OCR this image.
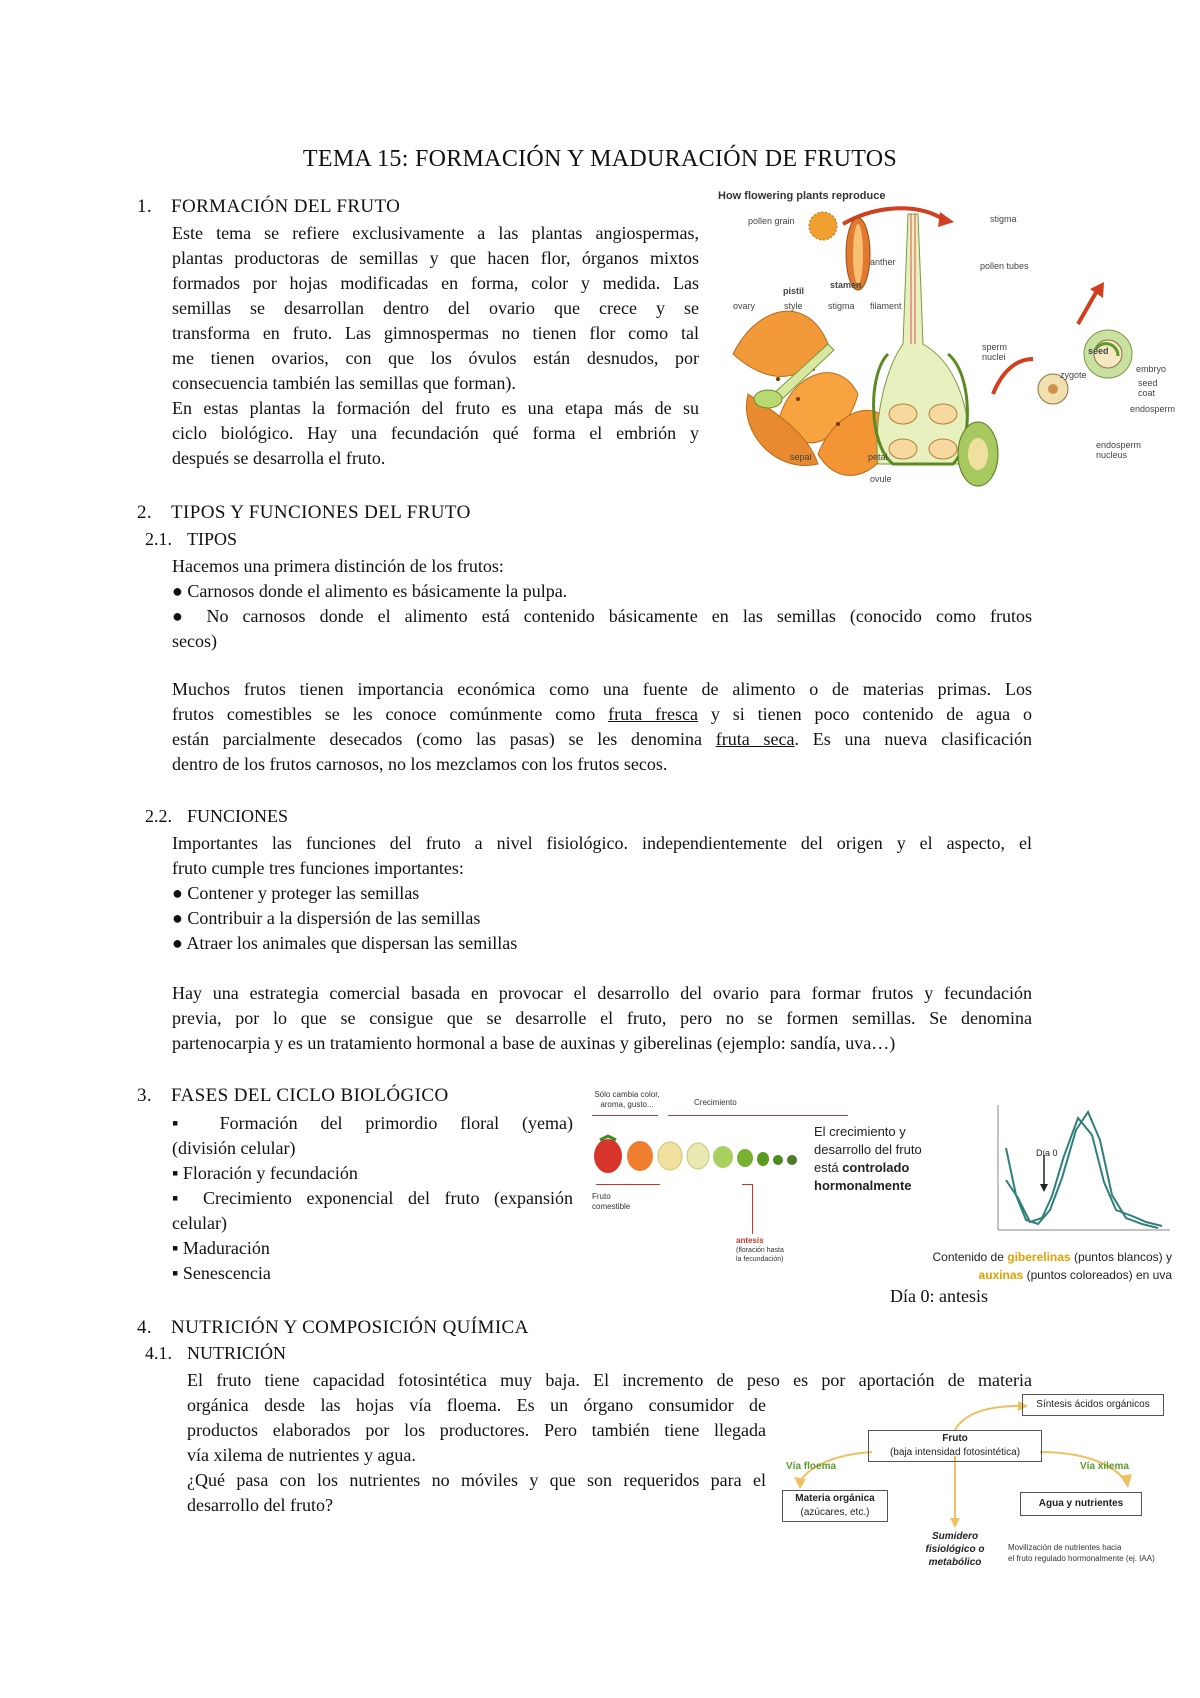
TEMA 15: FORMACIÓN Y MADURACIÓN DE FRUTOS
1. FORMACIÓN DEL FRUTO
Este tema se refiere exclusivamente a las plantas angiospermas,
plantas productoras de semillas y que hacen flor, órganos mixtos
formados por hojas modificadas en forma, color y medida. Las
semillas se desarrollan dentro del ovario que crece y se
transforma en fruto. Las gimnospermas no tienen flor como tal
me tienen ovarios, con que los óvulos están desnudos, por
consecuencia también las semillas que forman).
En estas plantas la formación del fruto es una etapa más de su
ciclo biológico. Hay una fecundación qué forma el embrión y
después se desarrolla el fruto.
How flowering plants reproduce
pollen grain	stigma
anther	pollen tubes
pistil
stamen
ovary	style	stigma filament
sperm nuclei
seed
zygote
embryo
seed coat
endosperm
endosperm nucleus
sepal	petal
ovule
2. TIPOS Y FUNCIONES DEL FRUTO
2.1. TIPOS
Hacemos una primera distinción de los frutos:
● Carnosos donde el alimento es básicamente la pulpa.
● No carnosos donde el alimento está contenido básicamente en las semillas (conocido como frutos
secos)
Muchos frutos tienen importancia económica como una fuente de alimento o de materias primas. Los
frutos comestibles se les conoce comúnmente como fruta fresca y si tienen poco contenido de agua o
están parcialmente desecados (como las pasas) se les denomina fruta seca. Es una nueva clasificación
dentro de los frutos carnosos, no los mezclamos con los frutos secos.
2.2. FUNCIONES
Importantes las funciones del fruto a nivel fisiológico. independientemente del origen y el aspecto, el
fruto cumple tres funciones importantes:
● Contener y proteger las semillas
● Contribuir a la dispersión de las semillas
● Atraer los animales que dispersan las semillas
Hay una estrategia comercial basada en provocar el desarrollo del ovario para formar frutos y fecundación
previa, por lo que se consigue que se desarrolle el fruto, pero no se formen semillas. Se denomina
partenocarpia y es un tratamiento hormonal a base de auxinas y giberelinas (ejemplo: sandía, uva…)
3. FASES DEL CICLO BIOLÓGICO
▪ Formación del primordio floral (yema)
(división celular)
▪ Floración y fecundación
▪ Crecimiento exponencial del fruto (expansión
celular)
▪ Maduración
▪ Senescencia
Sólo cambia color, aroma, gusto...	Crecimiento
Fruto comestible
antesis
(floración hasta la fecundación)
El crecimiento y
desarrollo del fruto
está controlado
hormonalmente
Día 0
Contenido de giberelinas (puntos blancos) y
auxinas (puntos coloreados) en uva
Día 0: antesis
4. NUTRICIÓN Y COMPOSICIÓN QUÍMICA
4.1. NUTRICIÓN
El fruto tiene capacidad fotosintética muy baja. El incremento de peso es por aportación de materia
orgánica desde las hojas vía floema. Es un órgano consumidor de
productos elaborados por los productores. Pero también tiene llegada
vía xilema de nutrientes y agua.
¿Qué pasa con los nutrientes no móviles y que son requeridos para el
desarrollo del fruto?
Síntesis ácidos orgánicos
Fruto
(baja intensidad fotosintética)
Vía floema	Vía xilema
Materia orgánica
(azúcares, etc.)
Agua y nutrientes
Sumidero
fisiológico o
metabólico
Movilización de nutrientes hacia
el fruto regulado hormonalmente (ej. IAA)
